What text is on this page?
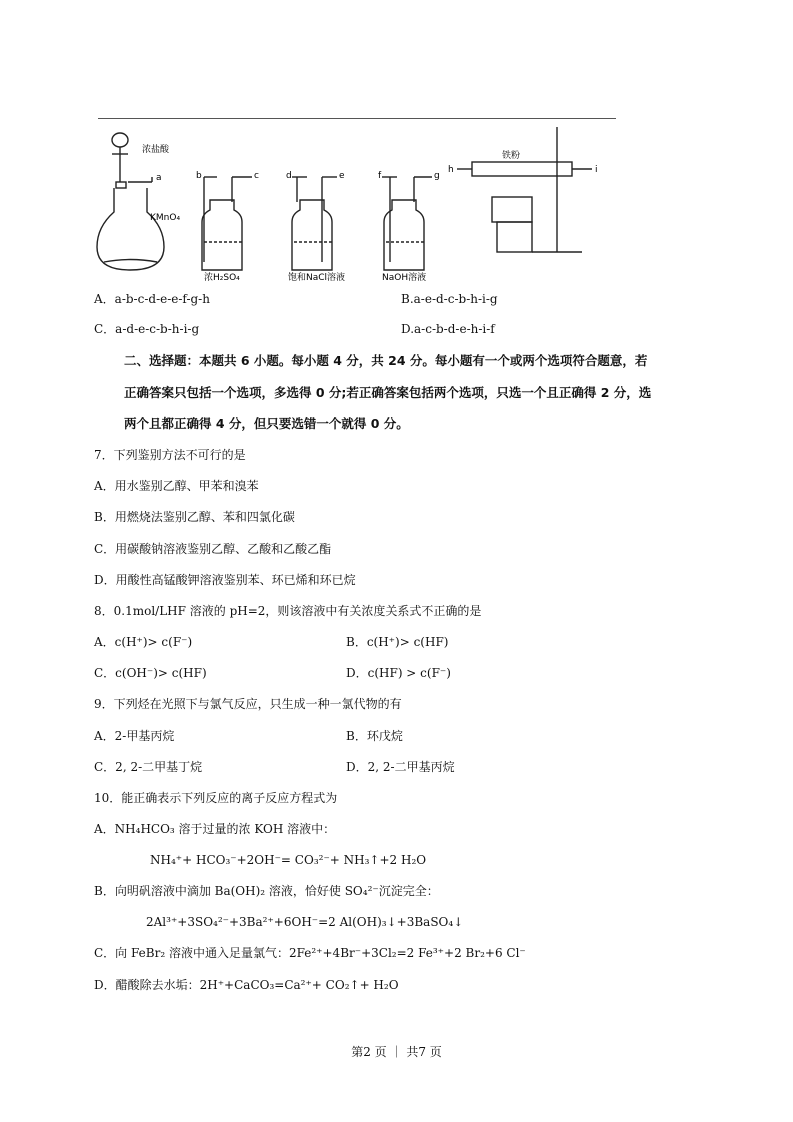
浓盐酸
a
KMnO₄
b	c
浓H₂SO₄
d	e
饱和NaCl溶液
f	g
NaOH溶液
铁粉
h	i
A．a-b-c-d-e-e-f-g-h	B.a-e-d-c-b-h-i-g
C．a-d-e-c-b-h-i-g	D.a-c-b-d-e-h-i-f
二、选择题：本题共 6 小题。每小题 4 分，共 24 分。每小题有一个或两个选项符合题意，若
正确答案只包括一个选项，多选得 0 分;若正确答案包括两个选项，只选一个且正确得 2 分，选
两个且都正确得 4 分，但只要选错一个就得 0 分。
7．下列鉴别方法不可行的是
A．用水鉴别乙醇、甲苯和溴苯
B．用燃烧法鉴别乙醇、苯和四氯化碳
C．用碳酸钠溶液鉴别乙醇、乙酸和乙酸乙酯
D．用酸性高锰酸钾溶液鉴别苯、环已烯和环已烷
8．0.1mol/LHF 溶液的 pH=2，则该溶液中有关浓度关系式不正确的是
A．c(H⁺)> c(F⁻)	B．c(H⁺)> c(HF)
C．c(OH⁻)> c(HF)	D．c(HF) > c(F⁻)
9．下列烃在光照下与氯气反应，只生成一种一氯代物的有
A．2-甲基丙烷	B．环戊烷
C．2, 2-二甲基丁烷	D．2, 2-二甲基丙烷
10．能正确表示下列反应的离子反应方程式为
A．NH₄HCO₃ 溶于过量的浓 KOH 溶液中：
NH₄⁺+ HCO₃⁻+2OH⁻= CO₃²⁻+ NH₃↑+2 H₂O
B．向明矾溶液中滴加 Ba(OH)₂ 溶液，恰好使 SO₄²⁻沉淀完全：
2Al³⁺+3SO₄²⁻+3Ba²⁺+6OH⁻=2 Al(OH)₃↓+3BaSO₄↓
C．向 FeBr₂ 溶液中通入足量氯气：2Fe²⁺+4Br⁻+3Cl₂=2 Fe³⁺+2 Br₂+6 Cl⁻
D．醋酸除去水垢：2H⁺+CaCO₃=Ca²⁺+ CO₂↑+ H₂O
第2 页 ｜ 共7 页
